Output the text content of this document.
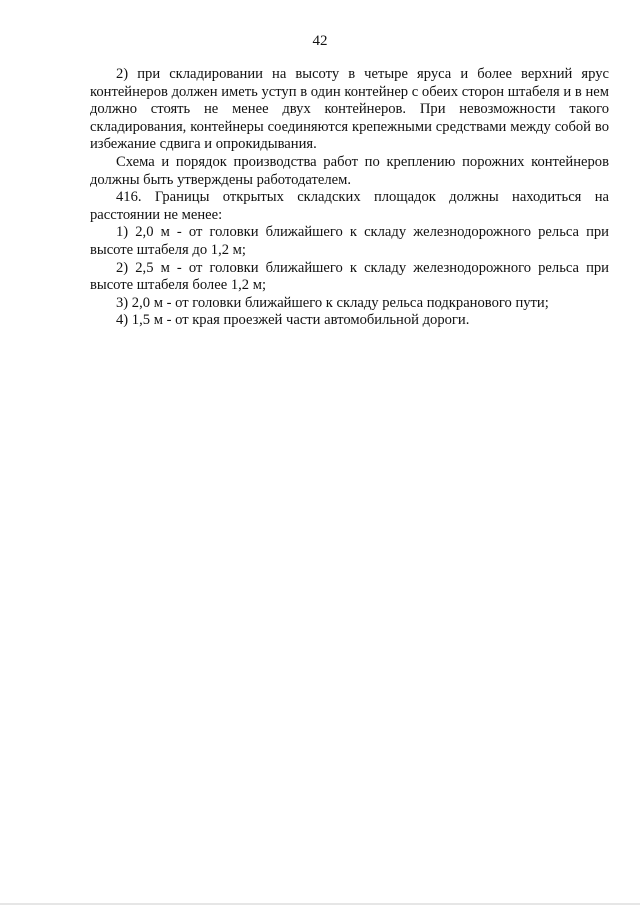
42

2) при складировании на высоту в четыре яруса и более верхний ярус контейнеров должен иметь уступ в один контейнер с обеих сторон штабеля и в нем должно стоять не менее двух контейнеров. При невозможности такого складирования, контейнеры соединяются крепежными средствами между собой во избежание сдвига и опрокидывания.

Схема и порядок производства работ по креплению порожних контейнеров должны быть утверждены работодателем.

416. Границы открытых складских площадок должны находиться на расстоянии не менее:

1) 2,0 м - от головки ближайшего к складу железнодорожного рельса при высоте штабеля до 1,2 м;

2) 2,5 м - от головки ближайшего к складу железнодорожного рельса при высоте штабеля более 1,2 м;

3) 2,0 м - от головки ближайшего к складу рельса подкранового пути;

4) 1,5 м - от края проезжей части автомобильной дороги.
